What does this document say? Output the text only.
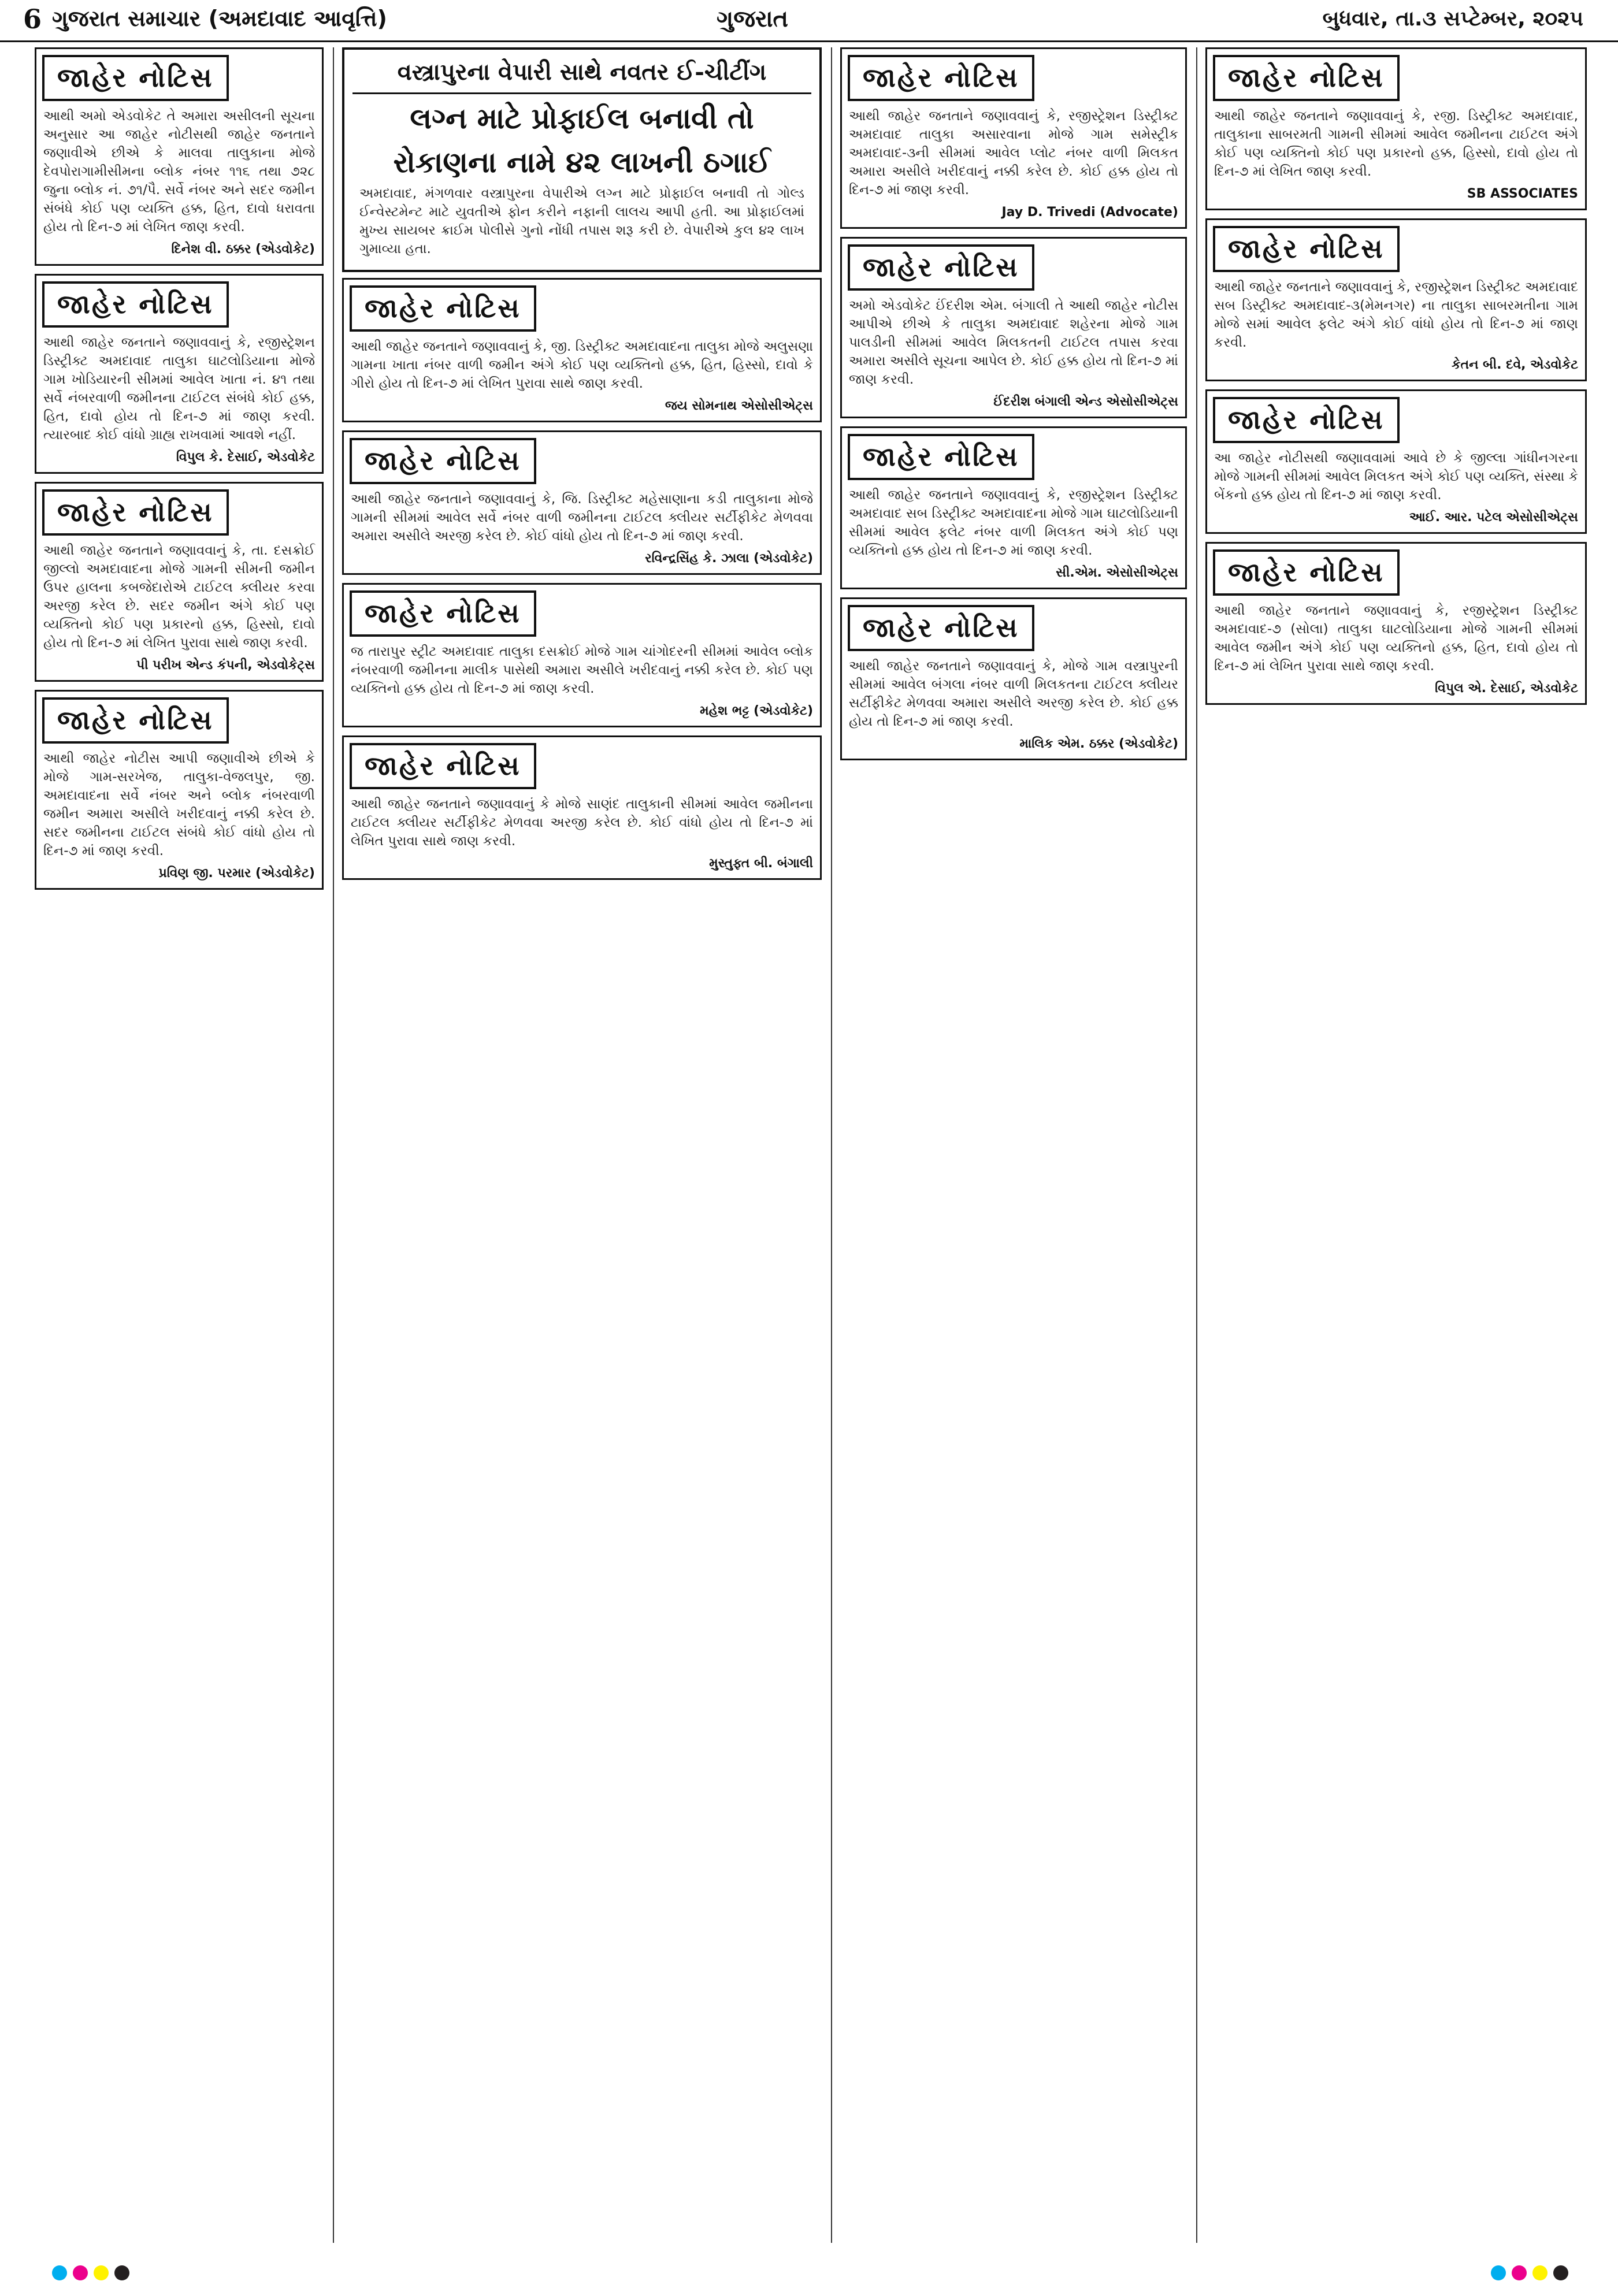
6 ગુજરાત સમાચાર (અમદાવાદ આવૃત્તિ)	ગુજરાત	બુધવાર, તા.૩ સપ્ટેમ્બર, ૨૦૨૫
જાહેર નોટિસ
આથી અમો એડવોકેટ તે અમારા અસીલની સૂચના અનુસાર આ જાહેર નોટીસથી જાહેર જનતાને જણાવીએ છીએ કે માલવા તાલુકાના મોજે દેવપોરાગામીસીમના બ્લોક નંબર ૧૧૬ તથા ૭૨૮ જુના બ્લોક નં. ૭૧/પૈ. સર્વે નંબર અને સદર જમીન સંબંધે કોઈ પણ વ્યક્તિ હક્ક, હિત, દાવો ધરાવતા હોય તો દિન-૭ માં લેખિત જાણ કરવી.
દિનેશ વી. ઠક્કર (એડવોકેટ)
જાહેર નોટિસ
આથી જાહેર જનતાને જણાવવાનું કે, રજીસ્ટ્રેશન ડિસ્ટ્રીક્ટ અમદાવાદ તાલુકા ઘાટલોડિયાના મોજે ગામ ખોડિયારની સીમમાં આવેલ ખાતા નં. ૪૧ તથા સર્વે નંબરવાળી જમીનના ટાઈટલ સંબંધે કોઈ હક્ક, હિત, દાવો હોય તો દિન-૭ માં જાણ કરવી. ત્યારબાદ કોઈ વાંધો ગ્રાહ્ય રાખવામાં આવશે નહીં.
વિપુલ કે. દેસાઈ, એડવોકેટ
જાહેર નોટિસ
આથી જાહેર જનતાને જણાવવાનું કે, તા. દસક્રોઈ જીલ્લો અમદાવાદના મોજે ગામની સીમની જમીન ઉપર હાલના કબજેદારોએ ટાઈટલ ક્લીયર કરવા અરજી કરેલ છે. સદર જમીન અંગે કોઈ પણ વ્યક્તિનો કોઈ પણ પ્રકારનો હક્ક, હિસ્સો, દાવો હોય તો દિન-૭ માં લેખિત પુરાવા સાથે જાણ કરવી.
પી પરીખ એન્ડ કંપની, એડવોકેટ્સ
જાહેર નોટિસ
આથી જાહેર નોટીસ આપી જણાવીએ છીએ કે મોજે ગામ-સરખેજ, તાલુકા-વેજલપુર, જી. અમદાવાદના સર્વે નંબર અને બ્લોક નંબરવાળી જમીન અમારા અસીલે ખરીદવાનું નક્કી કરેલ છે. સદર જમીનના ટાઈટલ સંબંધે કોઈ વાંધો હોય તો દિન-૭ માં જાણ કરવી.
પ્રવિણ જી. પરમાર (એડવોકેટ)
વસ્ત્રાપુરના વેપારી સાથે નવતર ઈ-ચીટીંગ
લગ્ન માટે પ્રોફાઈલ બનાવી તો
રોકાણના નામે ૪૨ લાખની ઠગાઈ
અમદાવાદ, મંગળવાર વસ્ત્રાપુરના વેપારીએ લગ્ન માટે પ્રોફાઈલ બનાવી તો ગોલ્ડ ઈન્વેસ્ટમેન્ટ માટે યુવતીએ ફોન કરીને નફાની લાલચ આપી હતી. આ પ્રોફાઈલમાં મુખ્ય સાયબર ક્રાઈમ પોલીસે ગુનો નોંધી તપાસ શરૂ કરી છે. વેપારીએ કુલ ૪૨ લાખ ગુમાવ્યા હતા.
જાહેર નોટિસ
આથી જાહેર જનતાને જણાવવાનું કે, જી. ડિસ્ટ્રીક્ટ અમદાવાદના તાલુકા મોજે અલુસણા ગામના ખાતા નંબર વાળી જમીન અંગે કોઈ પણ વ્યક્તિનો હક્ક, હિત, હિસ્સો, દાવો કે ગીરો હોય તો દિન-૭ માં લેખિત પુરાવા સાથે જાણ કરવી.
જય સોમનાથ એસોસીએટ્સ
જાહેર નોટિસ
આથી જાહેર જનતાને જણાવવાનું કે, જિ. ડિસ્ટ્રીક્ટ મહેસાણાના કડી તાલુકાના મોજે ગામની સીમમાં આવેલ સર્વે નંબર વાળી જમીનના ટાઈટલ ક્લીયર સર્ટીફીકેટ મેળવવા અમારા અસીલે અરજી કરેલ છે. કોઈ વાંધો હોય તો દિન-૭ માં જાણ કરવી.
રવિન્દ્રસિંહ કે. ઝાલા (એડવોકેટ)
જાહેર નોટિસ
જ તારાપુર સ્ટ્રીટ અમદાવાદ તાલુકા દસક્રોઈ મોજે ગામ ચાંગોદરની સીમમાં આવેલ બ્લોક નંબરવાળી જમીનના માલીક પાસેથી અમારા અસીલે ખરીદવાનું નક્કી કરેલ છે. કોઈ પણ વ્યક્તિનો હક્ક હોય તો દિન-૭ માં જાણ કરવી.
મહેશ ભટ્ટ (એડવોકેટ)
જાહેર નોટિસ
આથી જાહેર જનતાને જણાવવાનું કે મોજે સાણંદ તાલુકાની સીમમાં આવેલ જમીનના ટાઈટલ ક્લીયર સર્ટીફીકેટ મેળવવા અરજી કરેલ છે. કોઈ વાંધો હોય તો દિન-૭ માં લેખિત પુરાવા સાથે જાણ કરવી.
મુસ્તુફ્ત બી. બંગાલી
જાહેર નોટિસ
આથી જાહેર જનતાને જણાવવાનું કે, રજીસ્ટ્રેશન ડિસ્ટ્રીક્ટ અમદાવાદ તાલુકા અસારવાના મોજે ગામ સમેસ્ટ્રીક અમદાવાદ-૩ની સીમમાં આવેલ પ્લોટ નંબર વાળી મિલકત અમારા અસીલે ખરીદવાનું નક્કી કરેલ છે. કોઈ હક્ક હોય તો દિન-૭ માં જાણ કરવી.
Jay D. Trivedi (Advocate)
જાહેર નોટિસ
અમો એડવોકેટ ઈંદરીશ એમ. બંગાલી તે આથી જાહેર નોટીસ આપીએ છીએ કે તાલુકા અમદાવાદ શહેરના મોજે ગામ પાલડીની સીમમાં આવેલ મિલકતની ટાઈટલ તપાસ કરવા અમારા અસીલે સૂચના આપેલ છે. કોઈ હક્ક હોય તો દિન-૭ માં જાણ કરવી.
ઈંદરીશ બંગાલી એન્ડ એસોસીએટ્સ
જાહેર નોટિસ
આથી જાહેર જનતાને જણાવવાનું કે, રજીસ્ટ્રેશન ડિસ્ટ્રીક્ટ અમદાવાદ સબ ડિસ્ટ્રીક્ટ અમદાવાદના મોજે ગામ ઘાટલોડિયાની સીમમાં આવેલ ફલેટ નંબર વાળી મિલકત અંગે કોઈ પણ વ્યક્તિનો હક્ક હોય તો દિન-૭ માં જાણ કરવી.
સી.એમ. એસોસીએટ્સ
જાહેર નોટિસ
આથી જાહેર જનતાને જણાવવાનું કે, મોજે ગામ વસ્ત્રાપુરની સીમમાં આવેલ બંગલા નંબર વાળી મિલકતના ટાઈટલ ક્લીયર સર્ટીફીકેટ મેળવવા અમારા અસીલે અરજી કરેલ છે. કોઈ હક્ક હોય તો દિન-૭ માં જાણ કરવી.
માલિક એમ. ઠક્કર (એડવોકેટ)
જાહેર નોટિસ
આથી જાહેર જનતાને જણાવવાનું કે, રજી. ડિસ્ટ્રીક્ટ અમદાવાદ, તાલુકાના સાબરમતી ગામની સીમમાં આવેલ જમીનના ટાઈટલ અંગે કોઈ પણ વ્યક્તિનો કોઈ પણ પ્રકારનો હક્ક, હિસ્સો, દાવો હોય તો દિન-૭ માં લેખિત જાણ કરવી.
SB ASSOCIATES
જાહેર નોટિસ
આથી જાહેર જનતાને જણાવવાનું કે, રજીસ્ટ્રેશન ડિસ્ટ્રીક્ટ અમદાવાદ સબ ડિસ્ટ્રીક્ટ અમદાવાદ-૩(મેમનગર) ના તાલુકા સાબરમતીના ગામ મોજે સમાં આવેલ ફલેટ અંગે કોઈ વાંધો હોય તો દિન-૭ માં જાણ કરવી.
કેતન બી. દવે, એડવોકેટ
જાહેર નોટિસ
આ જાહેર નોટીસથી જણાવવામાં આવે છે કે જીલ્લા ગાંધીનગરના મોજે ગામની સીમમાં આવેલ મિલકત અંગે કોઈ પણ વ્યક્તિ, સંસ્થા કે બેંકનો હક્ક હોય તો દિન-૭ માં જાણ કરવી.
આઈ. આર. પટેલ એસોસીએટ્સ
જાહેર નોટિસ
આથી જાહેર જનતાને જણાવવાનું કે, રજીસ્ટ્રેશન ડિસ્ટ્રીક્ટ અમદાવાદ-૭ (સોલા) તાલુકા ઘાટલોડિયાના મોજે ગામની સીમમાં આવેલ જમીન અંગે કોઈ પણ વ્યક્તિનો હક્ક, હિત, દાવો હોય તો દિન-૭ માં લેખિત પુરાવા સાથે જાણ કરવી.
વિપુલ એ. દેસાઈ, એડવોકેટ
